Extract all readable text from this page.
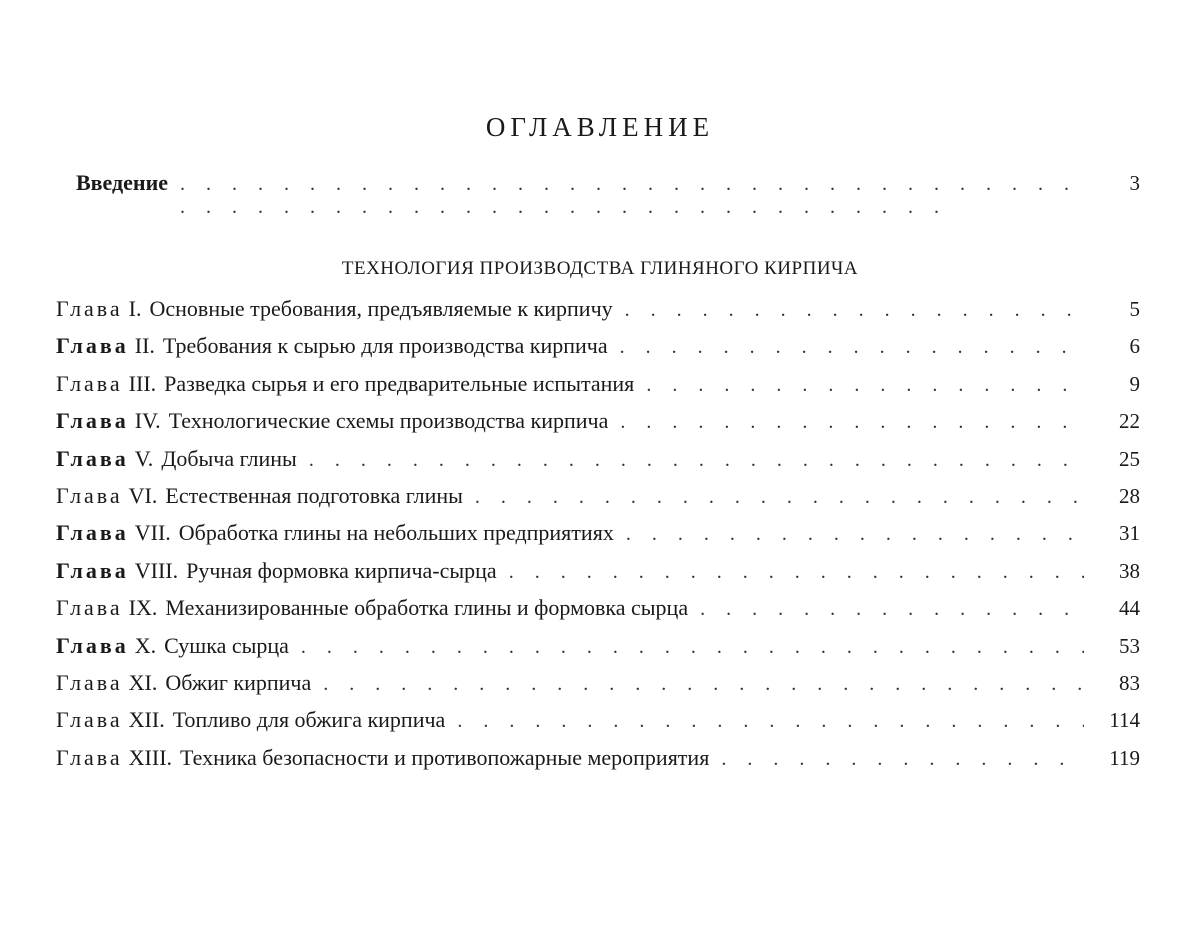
ОГЛАВЛЕНИЕ
Введение . . .	3
ТЕХНОЛОГИЯ ПРОИЗВОДСТВА ГЛИНЯНОГО КИРПИЧА
Глава I. Основные требования, предъявляемые к кирпичу . . .	5
Глава II. Требования к сырью для производства кирпича . . .	6
Глава III. Разведка сырья и его предварительные испытания . . .	9
Глава IV. Технологические схемы производства кирпича . . .	22
Глава V. Добыча глины . . .	25
Глава VI. Естественная подготовка глины . . .	28
Глава VII. Обработка глины на небольших предприятиях . . .	31
Глава VIII. Ручная формовка кирпича-сырца . . .	38
Глава IX. Механизированные обработка глины и формовка сырца . . .	44
Глава X. Сушка сырца . . .	53
Глава XI. Обжиг кирпича . . .	83
Глава XII. Топливо для обжига кирпича . . .	114
Глава XIII. Техника безопасности и противопожарные мероприятия . . .	119
